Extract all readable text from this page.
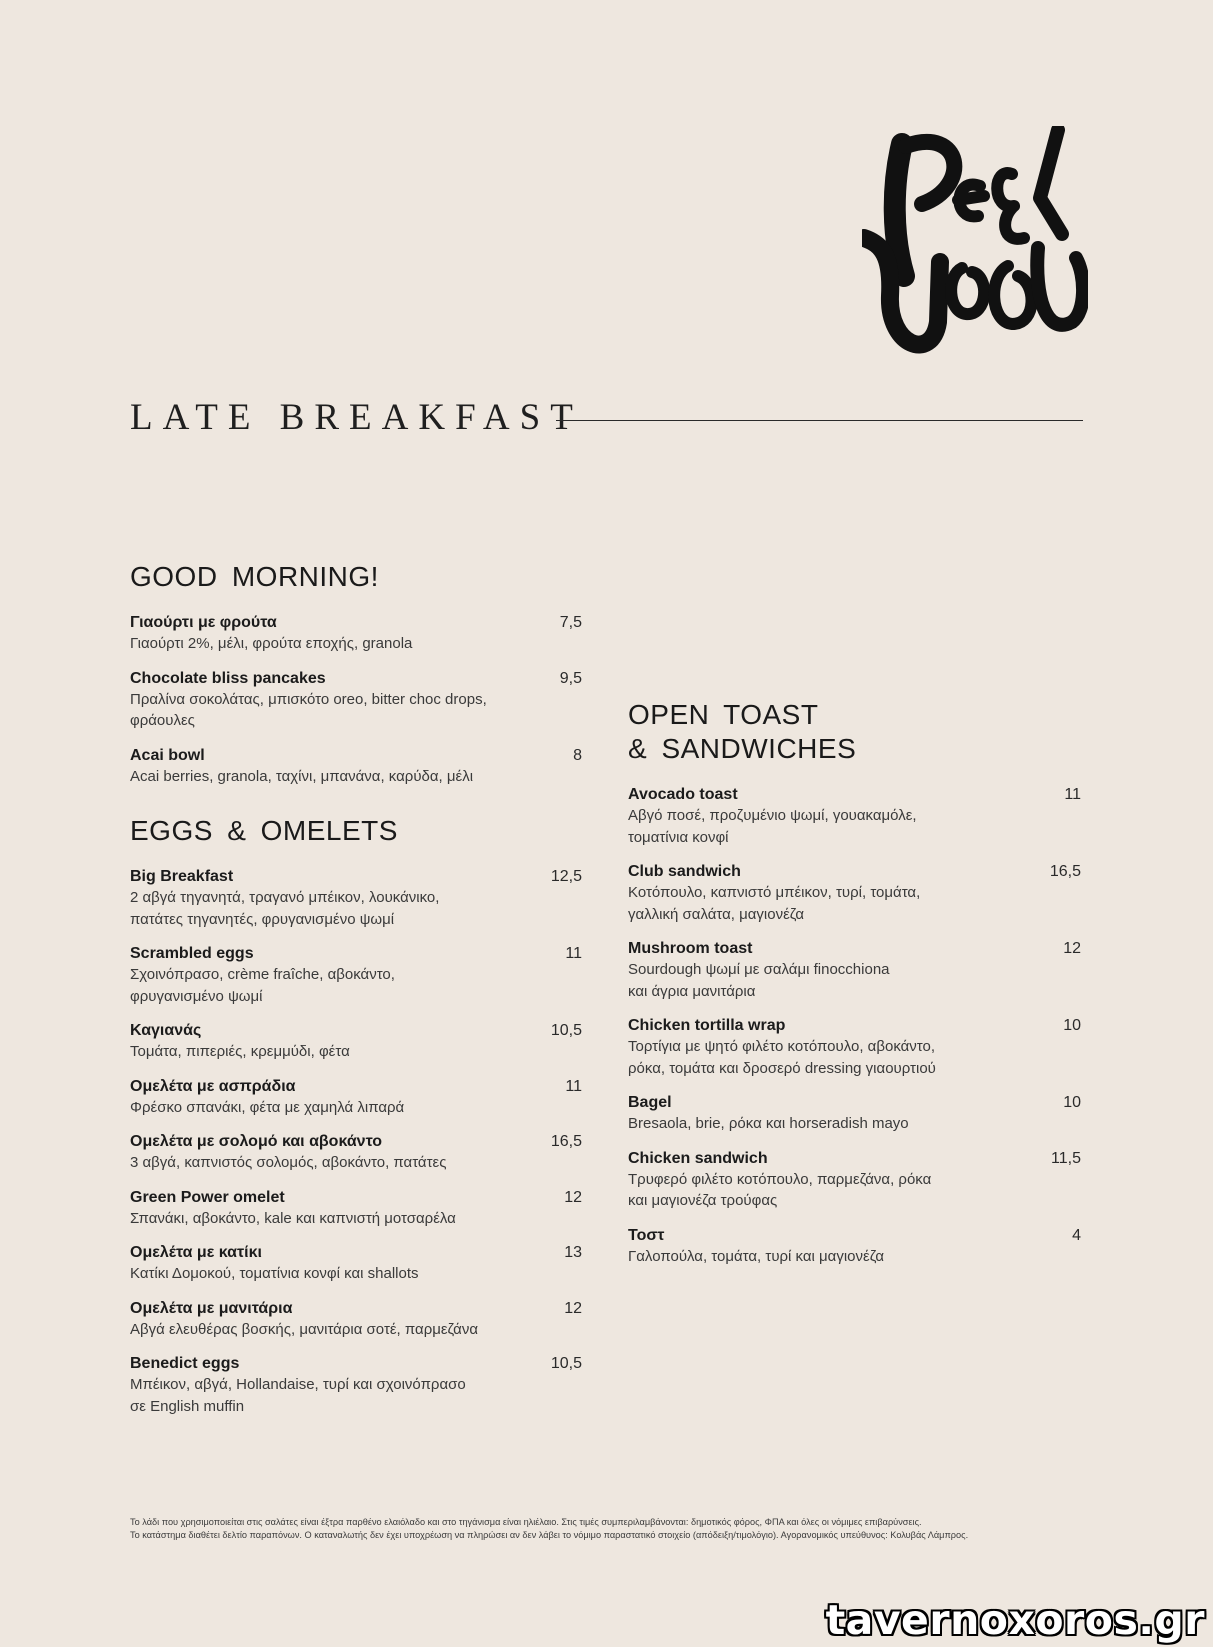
LATE BREAKFAST
GOOD MORNING!
Γιαούρτι με φρούτα	7,5
Γιαούρτι 2%, μέλι, φρούτα εποχής, granola
Chocolate bliss pancakes	9,5
Πραλίνα σοκολάτας, μπισκότο oreo, bitter choc drops,
φράουλες
Acai bowl	8
Acai berries, granola, ταχίνι, μπανάνα, καρύδα, μέλι
EGGS & OMELETS
Big Breakfast	12,5
2 αβγά τηγανητά, τραγανό μπέικον, λουκάνικο,
πατάτες τηγανητές, φρυγανισμένο ψωμί
Scrambled eggs	11
Σχοινόπρασο, crème fraîche, αβοκάντο,
φρυγανισμένο ψωμί
Καγιανάς	10,5
Τομάτα, πιπεριές, κρεμμύδι, φέτα
Ομελέτα με ασπράδια	11
Φρέσκο σπανάκι, φέτα με χαμηλά λιπαρά
Ομελέτα με σολομό και αβοκάντο	16,5
3 αβγά, καπνιστός σολομός, αβοκάντο, πατάτες
Green Power omelet	12
Σπανάκι, αβοκάντο, kale και καπνιστή μοτσαρέλα
Ομελέτα με κατίκι	13
Κατίκι Δομοκού, τοματίνια κονφί και shallots
Ομελέτα με μανιτάρια	12
Αβγά ελευθέρας βοσκής, μανιτάρια σοτέ, παρμεζάνα
Benedict eggs	10,5
Μπέικον, αβγά, Hollandaise, τυρί και σχοινόπρασο
σε English muffin
OPEN TOAST
& SANDWICHES
Avocado toast	11
Αβγό ποσέ, προζυμένιο ψωμί, γουακαμόλε,
τοματίνια κονφί
Club sandwich	16,5
Κοτόπουλο, καπνιστό μπέικον, τυρί, τομάτα,
γαλλική σαλάτα, μαγιονέζα
Mushroom toast	12
Sourdough ψωμί με σαλάμι finocchiona
και άγρια μανιτάρια
Chicken tortilla wrap	10
Τορτίγια με ψητό φιλέτο κοτόπουλο, αβοκάντο,
ρόκα, τομάτα και δροσερό dressing γιαουρτιού
Bagel	10
Bresaola, brie, ρόκα και horseradish mayo
Chicken sandwich	11,5
Τρυφερό φιλέτο κοτόπουλο, παρμεζάνα, ρόκα
και μαγιονέζα τρούφας
Τοστ	4
Γαλοπούλα, τομάτα, τυρί και μαγιονέζα
Το λάδι που χρησιμοποιείται στις σαλάτες είναι έξτρα παρθένο ελαιόλαδο και στο τηγάνισμα είναι ηλιέλαιο. Στις τιμές συμπεριλαμβάνονται: δημοτικός φόρος, ΦΠΑ και όλες οι νόμιμες επιβαρύνσεις.
Το κατάστημα διαθέτει δελτίο παραπόνων. Ο καταναλωτής δεν έχει υποχρέωση να πληρώσει αν δεν λάβει το νόμιμο παραστατικό στοιχείο (απόδειξη/τιμολόγιο). Αγορανομικός υπεύθυνος: Κολυβάς Λάμπρος.
tavernoxoros.gr
